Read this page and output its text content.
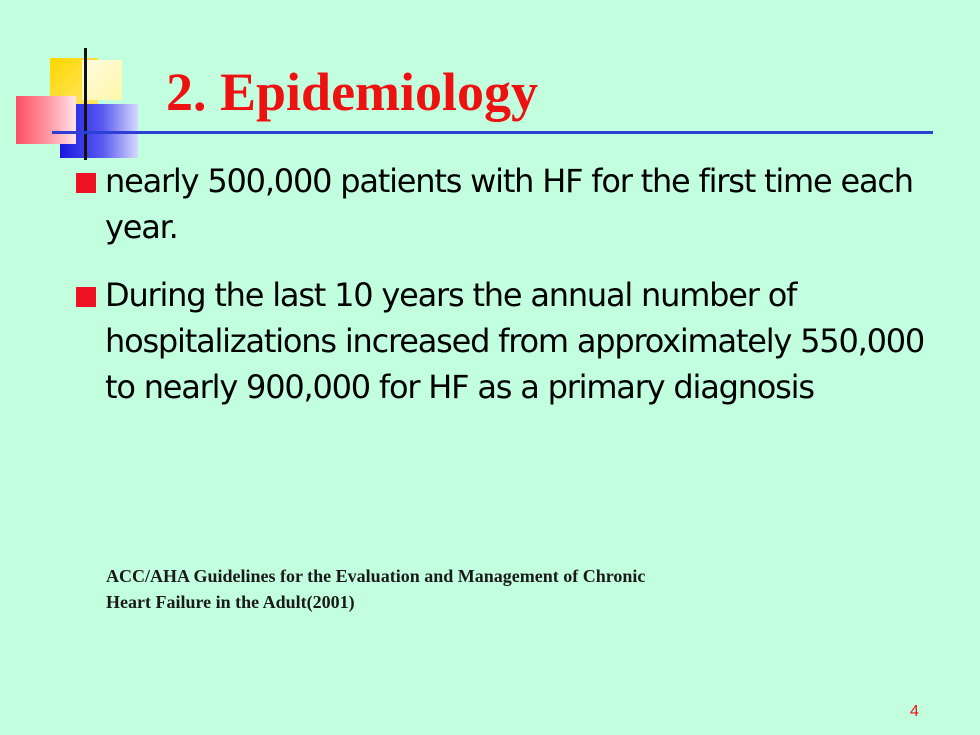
2. Epidemiology
nearly 500,000 patients with HF for the first time each year.
During the last 10 years the annual number of hospitalizations increased from approximately 550,000 to nearly 900,000 for HF as a primary diagnosis

ACC/AHA Guidelines for the Evaluation and Management of Chronic
Heart Failure in the Adult(2001)

4
